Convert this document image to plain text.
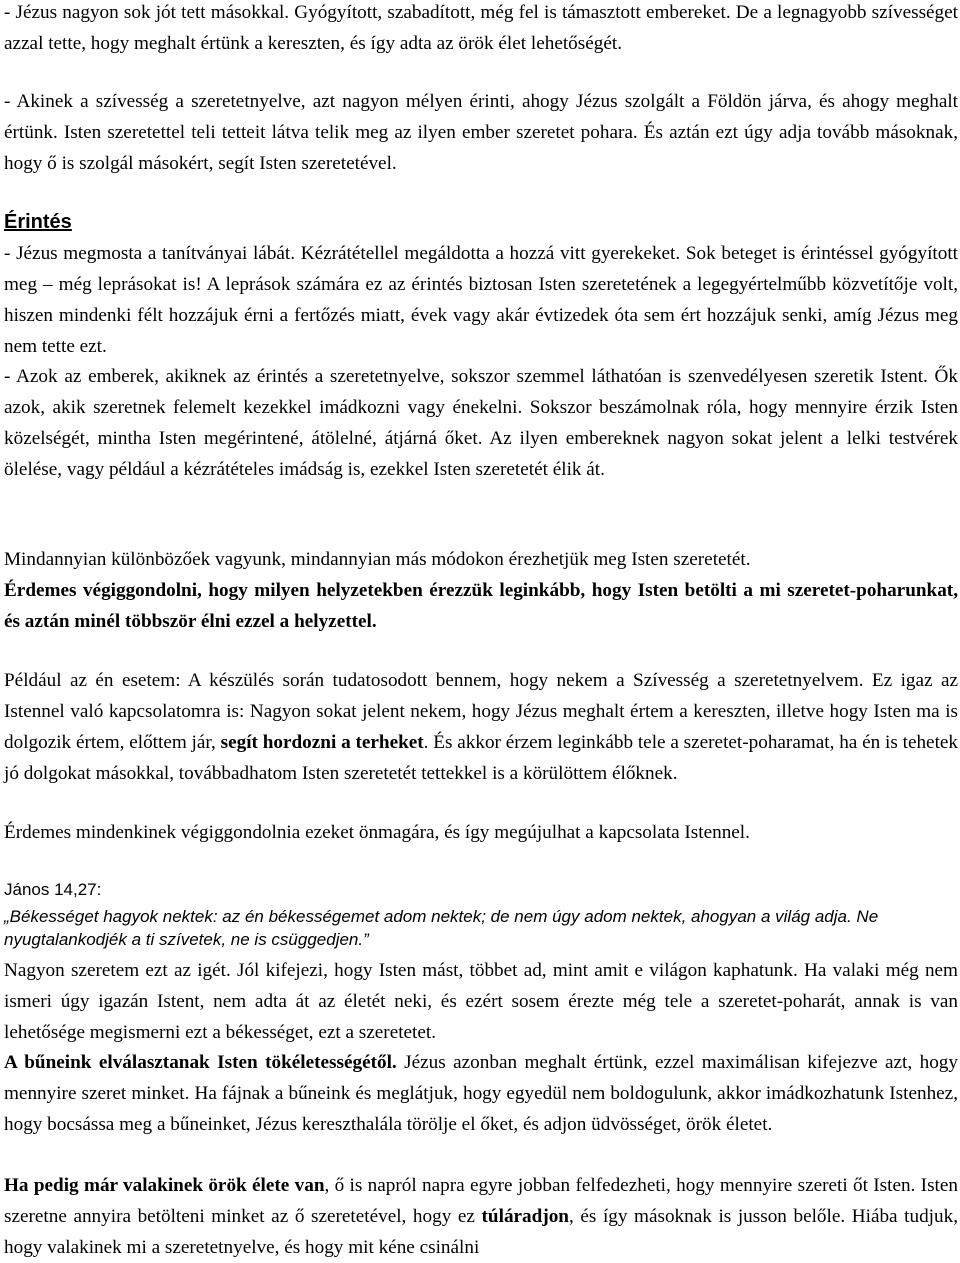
- Jézus nagyon sok jót tett másokkal. Gyógyított, szabadított, még fel is támasztott embereket. De a legnagyobb szívességet azzal tette, hogy meghalt értünk a kereszten, és így adta az örök élet lehetőségét.

- Akinek a szívesség a szeretetnyelve, azt nagyon mélyen érinti, ahogy Jézus szolgált a Földön járva, és ahogy meghalt értünk. Isten szeretettel teli tetteit látva telik meg az ilyen ember szeretet pohara. És aztán ezt úgy adja tovább másoknak, hogy ő is szolgál másokért, segít Isten szeretetével.

Érintés

- Jézus megmosta a tanítványai lábát. Kézrátétellel megáldotta a hozzá vitt gyerekeket. Sok beteget is érintéssel gyógyított meg – még leprásokat is! A leprások számára ez az érintés biztosan Isten szeretetének a legegyértelműbb közvetítője volt, hiszen mindenki félt hozzájuk érni a fertőzés miatt, évek vagy akár évtizedek óta sem ért hozzájuk senki, amíg Jézus meg nem tette ezt.

- Azok az emberek, akiknek az érintés a szeretetnyelve, sokszor szemmel láthatóan is szenvedélyesen szeretik Istent. Ők azok, akik szeretnek felemelt kezekkel imádkozni vagy énekelni. Sokszor beszámolnak róla, hogy mennyire érzik Isten közelségét, mintha Isten megérintené, átölelné, átjárná őket. Az ilyen embereknek nagyon sokat jelent a lelki testvérek ölelése, vagy például a kézrátételes imádság is, ezekkel Isten szeretetét élik át.

Mindannyian különbözőek vagyunk, mindannyian más módokon érezhetjük meg Isten szeretetét.

Érdemes végiggondolni, hogy milyen helyzetekben érezzük leginkább, hogy Isten betölti a mi szeretet-poharunkat, és aztán minél többször élni ezzel a helyzettel.

Például az én esetem: A készülés során tudatosodott bennem, hogy nekem a Szívesség a szeretetnyelvem. Ez igaz az Istennel való kapcsolatomra is: Nagyon sokat jelent nekem, hogy Jézus meghalt értem a kereszten, illetve hogy Isten ma is dolgozik értem, előttem jár, segít hordozni a terheket. És akkor érzem leginkább tele a szeretet-poharamat, ha én is tehetek jó dolgokat másokkal, továbbadhatom Isten szeretetét tettekkel is a körülöttem élőknek.

Érdemes mindenkinek végiggondolnia ezeket önmagára, és így megújulhat a kapcsolata Istennel.

János 14,27:

„Békességet hagyok nektek: az én békességemet adom nektek; de nem úgy adom nektek, ahogyan a világ adja. Ne nyugtalankodjék a ti szívetek, ne is csüggedjen.”

Nagyon szeretem ezt az igét. Jól kifejezi, hogy Isten mást, többet ad, mint amit e világon kaphatunk. Ha valaki még nem ismeri úgy igazán Istent, nem adta át az életét neki, és ezért sosem érezte még tele a szeretet-poharát, annak is van lehetősége megismerni ezt a békességet, ezt a szeretetet.

A bűneink elválasztanak Isten tökéletességétől. Jézus azonban meghalt értünk, ezzel maximálisan kifejezve azt, hogy mennyire szeret minket. Ha fájnak a bűneink és meglátjuk, hogy egyedül nem boldogulunk, akkor imádkozhatunk Istenhez, hogy bocsássa meg a bűneinket, Jézus kereszthalála törölje el őket, és adjon üdvösséget, örök életet.

Ha pedig már valakinek örök élete van, ő is napról napra egyre jobban felfedezheti, hogy mennyire szereti őt Isten. Isten szeretne annyira betölteni minket az ő szeretetével, hogy ez túláradjon, és így másoknak is jusson belőle. Hiába tudjuk, hogy valakinek mi a szeretetnyelve, és hogy mit kéne csinálni
